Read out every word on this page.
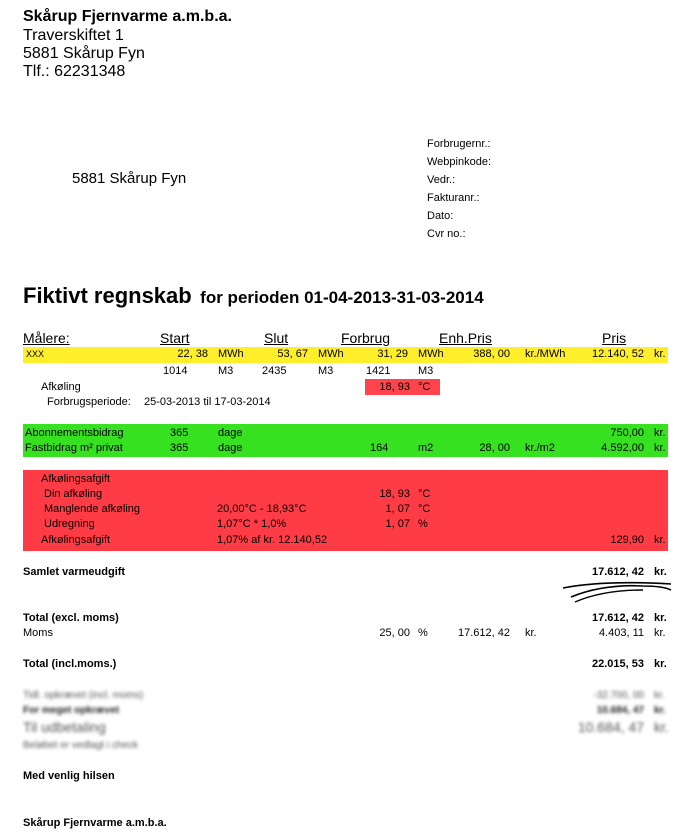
Skårup Fjernvarme a.m.b.a.
Traverskiftet 1
5881 Skårup Fyn
Tlf.: 62231348
5881 Skårup Fyn
Forbrugernr.:
Webpinkode:
Vedr.:
Fakturanr.:
Dato:
Cvr no.:
Fiktivt regnskab for perioden 01-04-2013-31-03-2014
Målere:	Start	Slut	Forbrug	Enh.Pris	Pris
XXX	22, 38 MWh	53, 67 MWh	31, 29 MWh	388, 00 kr./MWh	12.140, 52 kr.
1014	M3	2435	M3	1421	M3
Afkøling	18, 93 °C
Forbrugsperiode: 25-03-2013 til 17-03-2014
Abonnementsbidrag	365	dage	750,00 kr.
Fastbidrag m² privat	365	dage	164	m2	28, 00 kr./m2	4.592,00 kr.
Afkølingsafgift
Din afkøling	18, 93 °C
Manglende afkøling	20,00°C - 18,93°C	1, 07 °C
Udregning	1,07°C * 1,0%	1, 07 %
Afkølingsafgift	1,07% af kr. 12.140,52	129,90 kr.
Samlet varmeudgift	17.612, 42 kr.
Total (excl. moms)	17.612, 42 kr.
Moms	25, 00 %	17.612, 42 kr.	4.403, 11 kr.
Total (incl.moms.)	22.015, 53 kr.
Tidl. opkrævet (incl. moms)	-32.700, 00 kr.
For meget opkrævet	10.684, 47 kr.
Til udbetaling	10.684, 47 kr.
Beløbet er vedlagt i check
Med venlig hilsen
Skårup Fjernvarme a.m.b.a.
